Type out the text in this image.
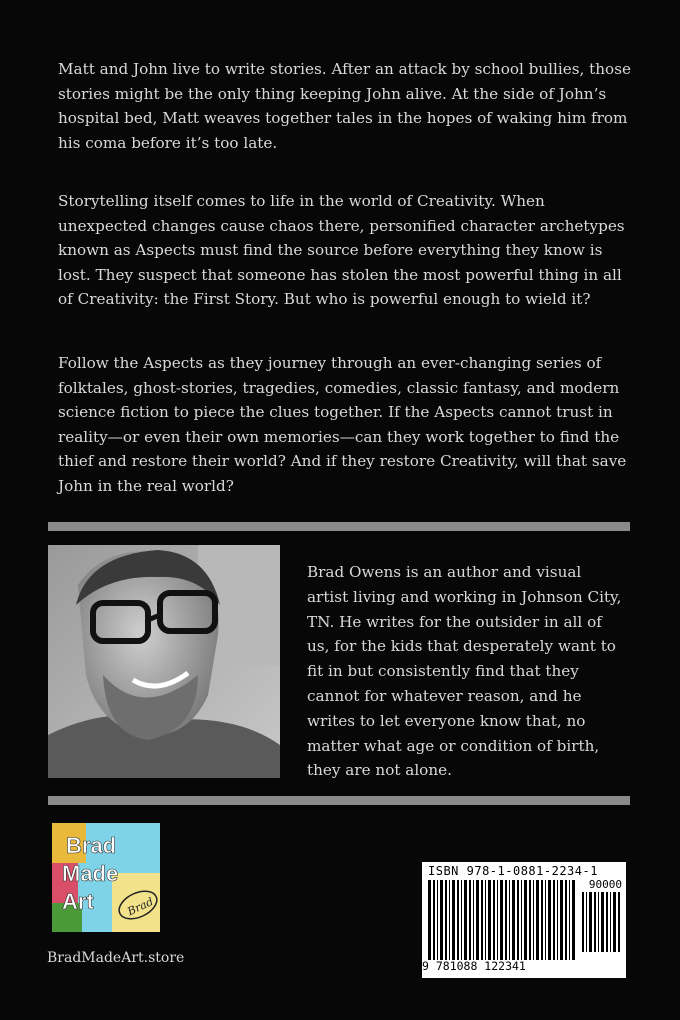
Matt and John live to write stories. After an attack by school bullies, those stories might be the only thing keeping John alive. At the side of John’s hospital bed, Matt weaves together tales in the hopes of waking him from his coma before it’s too late.

Storytelling itself comes to life in the world of Creativity. When unexpected changes cause chaos there, personified character archetypes known as Aspects must find the source before everything they know is lost. They suspect that someone has stolen the most powerful thing in all of Creativity: the First Story. But who is powerful enough to wield it?

Follow the Aspects as they journey through an ever-changing series of folktales, ghost-stories, tragedies, comedies, classic fantasy, and modern science fiction to piece the clues together. If the Aspects cannot trust in reality—or even their own memories—can they work together to find the thief and restore their world? And if they restore Creativity, will that save John in the real world?

Brad Owens is an author and visual artist living and working in Johnson City, TN. He writes for the outsider in all of us, for the kids that desperately want to fit in but consistently find that they cannot for whatever reason, and he writes to let everyone know that, no matter what age or condition of birth, they are not alone.

Brad
Made
Art	Brad

BradMadeArt.store

ISBN 978-1-0881-2234-1
90000
9 781088 122341
